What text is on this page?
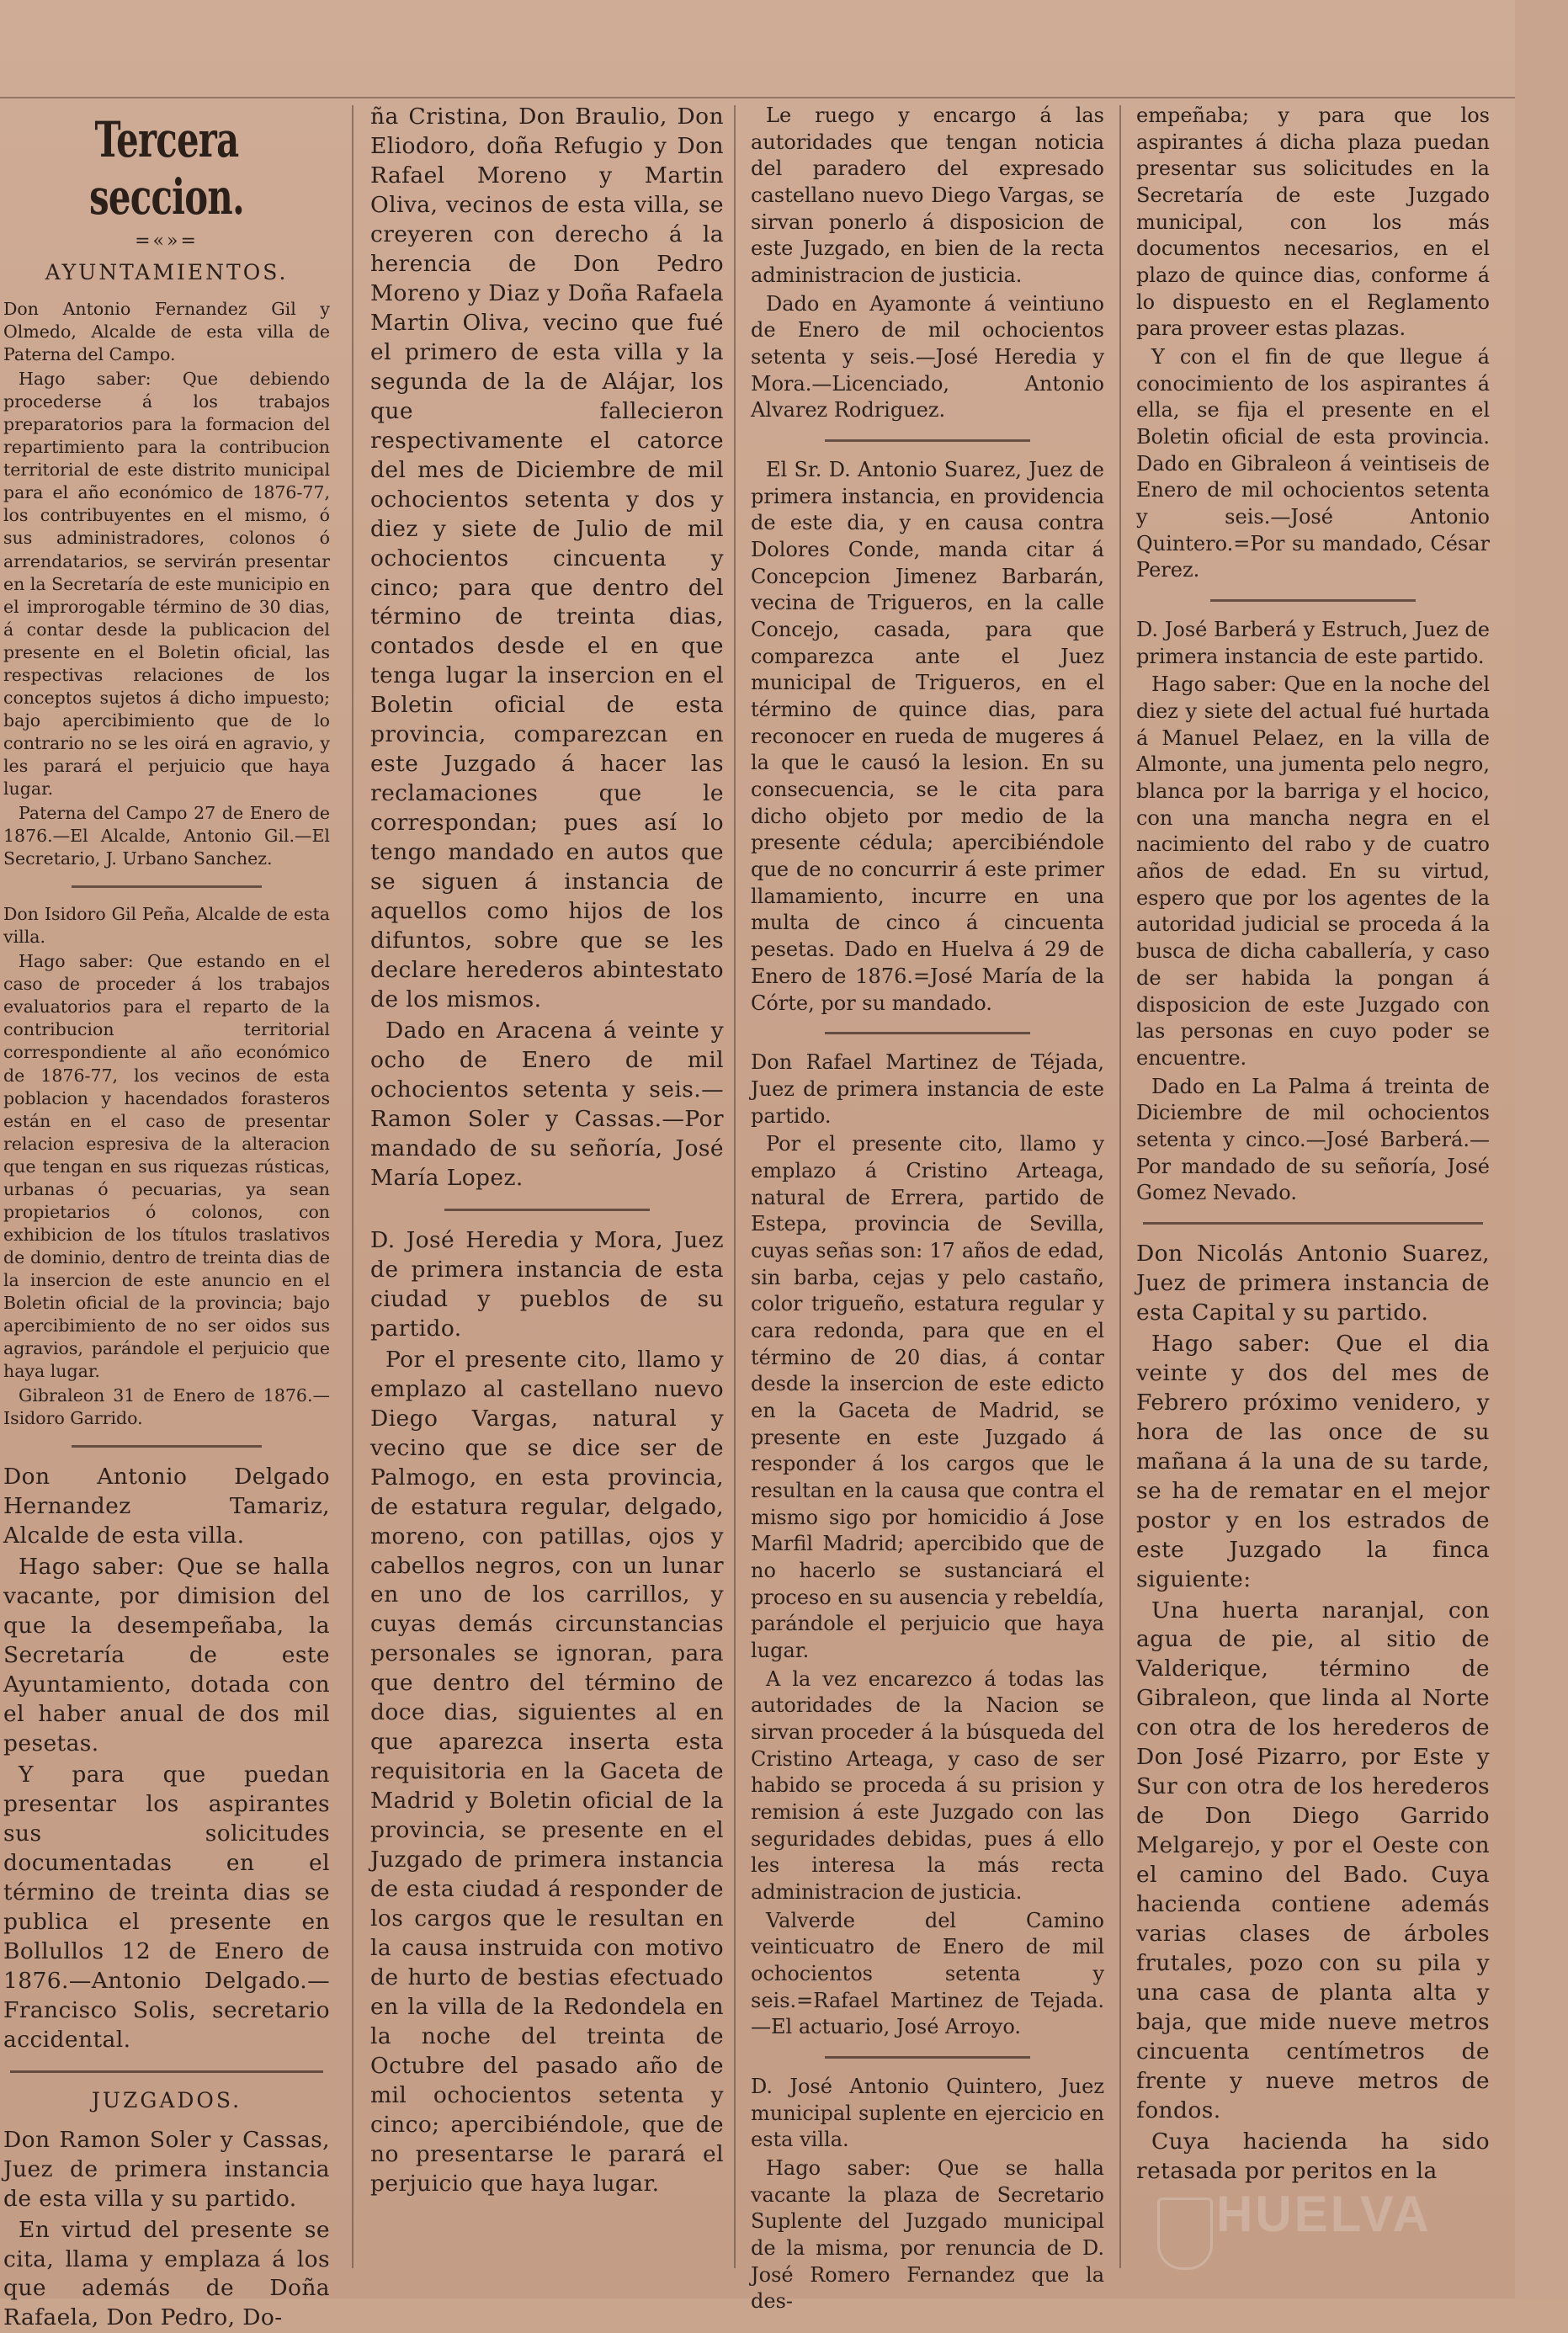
Tercera seccion.
=«»=
AYUNTAMIENTOS.

Don Antonio Fernandez Gil y Olmedo, Alcalde de esta villa de Paterna del Campo.

Hago saber: Que debiendo procederse á los trabajos preparatorios para la formacion del repartimiento para la contribucion territorial de este distrito municipal para el año económico de 1876-77, los contribuyentes en el mismo, ó sus administradores, colonos ó arrendatarios, se servirán presentar en la Secretaría de este municipio en el improrogable término de 30 dias, á contar desde la publicacion del presente en el Boletin oficial, las respectivas relaciones de los conceptos sujetos á dicho impuesto; bajo apercibimiento que de lo contrario no se les oirá en agravio, y les parará el perjuicio que haya lugar.

Paterna del Campo 27 de Enero de 1876.—El Alcalde, Antonio Gil.—El Secretario, J. Urbano Sanchez.

Don Isidoro Gil Peña, Alcalde de esta villa.

Hago saber: Que estando en el caso de proceder á los trabajos evaluatorios para el reparto de la contribucion territorial correspondiente al año económico de 1876-77, los vecinos de esta poblacion y hacendados forasteros están en el caso de presentar relacion espresiva de la alteracion que tengan en sus riquezas rústicas, urbanas ó pecuarias, ya sean propietarios ó colonos, con exhibicion de los títulos traslativos de dominio, dentro de treinta dias de la insercion de este anuncio en el Boletin oficial de la provincia; bajo apercibimiento de no ser oidos sus agravios, parándole el perjuicio que haya lugar.

Gibraleon 31 de Enero de 1876.—Isidoro Garrido.

Don Antonio Delgado Hernandez Tamariz, Alcalde de esta villa.

Hago saber: Que se halla vacante, por dimision del que la desempeñaba, la Secretaría de este Ayuntamiento, dotada con el haber anual de dos mil pesetas.

Y para que puedan presentar los aspirantes sus solicitudes documentadas en el término de treinta dias se publica el presente en Bollullos 12 de Enero de 1876.—Antonio Delgado.—Francisco Solis, secretario accidental.

JUZGADOS.

Don Ramon Soler y Cassas, Juez de primera instancia de esta villa y su partido.

En virtud del presente se cita, llama y emplaza á los que además de Doña Rafaela, Don Pedro, Do-

ña Cristina, Don Braulio, Don Eliodoro, doña Refugio y Don Rafael Moreno y Martin Oliva, vecinos de esta villa, se creyeren con derecho á la herencia de Don Pedro Moreno y Diaz y Doña Rafaela Martin Oliva, vecino que fué el primero de esta villa y la segunda de la de Alájar, los que fallecieron respectivamente el catorce del mes de Diciembre de mil ochocientos setenta y dos y diez y siete de Julio de mil ochocientos cincuenta y cinco; para que dentro del término de treinta dias, contados desde el en que tenga lugar la insercion en el Boletin oficial de esta provincia, comparezcan en este Juzgado á hacer las reclamaciones que le correspondan; pues así lo tengo mandado en autos que se siguen á instancia de aquellos como hijos de los difuntos, sobre que se les declare herederos abintestato de los mismos.

Dado en Aracena á veinte y ocho de Enero de mil ochocientos setenta y seis.—Ramon Soler y Cassas.—Por mandado de su señoría, José María Lopez.

D. José Heredia y Mora, Juez de primera instancia de esta ciudad y pueblos de su partido.

Por el presente cito, llamo y emplazo al castellano nuevo Diego Vargas, natural y vecino que se dice ser de Palmogo, en esta provincia, de estatura regular, delgado, moreno, con patillas, ojos y cabellos negros, con un lunar en uno de los carrillos, y cuyas demás circunstancias personales se ignoran, para que dentro del término de doce dias, siguientes al en que aparezca inserta esta requisitoria en la Gaceta de Madrid y Boletin oficial de la provincia, se presente en el Juzgado de primera instancia de esta ciudad á responder de los cargos que le resultan en la causa instruida con motivo de hurto de bestias efectuado en la villa de la Redondela en la noche del treinta de Octubre del pasado año de mil ochocientos setenta y cinco; apercibiéndole, que de no presentarse le parará el perjuicio que haya lugar.

Le ruego y encargo á las autoridades que tengan noticia del paradero del expresado castellano nuevo Diego Vargas, se sirvan ponerlo á disposicion de este Juzgado, en bien de la recta administracion de justicia.

Dado en Ayamonte á veintiuno de Enero de mil ochocientos setenta y seis.—José Heredia y Mora.—Licenciado, Antonio Alvarez Rodriguez.

El Sr. D. Antonio Suarez, Juez de primera instancia, en providencia de este dia, y en causa contra Dolores Conde, manda citar á Concepcion Jimenez Barbarán, vecina de Trigueros, en la calle Concejo, casada, para que comparezca ante el Juez municipal de Trigueros, en el término de quince dias, para reconocer en rueda de mugeres á la que le causó la lesion. En su consecuencia, se le cita para dicho objeto por medio de la presente cédula; apercibiéndole que de no concurrir á este primer llamamiento, incurre en una multa de cinco á cincuenta pesetas. Dado en Huelva á 29 de Enero de 1876.=José María de la Córte, por su mandado.

Don Rafael Martinez de Téjada, Juez de primera instancia de este partido.

Por el presente cito, llamo y emplazo á Cristino Arteaga, natural de Errera, partido de Estepa, provincia de Sevilla, cuyas señas son: 17 años de edad, sin barba, cejas y pelo castaño, color trigueño, estatura regular y cara redonda, para que en el término de 20 dias, á contar desde la insercion de este edicto en la Gaceta de Madrid, se presente en este Juzgado á responder á los cargos que le resultan en la causa que contra el mismo sigo por homicidio á Jose Marfil Madrid; apercibido que de no hacerlo se sustanciará el proceso en su ausencia y rebeldía, parándole el perjuicio que haya lugar.

A la vez encarezco á todas las autoridades de la Nacion se sirvan proceder á la búsqueda del Cristino Arteaga, y caso de ser habido se proceda á su prision y remision á este Juzgado con las seguridades debidas, pues á ello les interesa la más recta administracion de justicia.

Valverde del Camino veinticuatro de Enero de mil ochocientos setenta y seis.=Rafael Martinez de Tejada.—El actuario, José Arroyo.

D. José Antonio Quintero, Juez municipal suplente en ejercicio en esta villa.

Hago saber: Que se halla vacante la plaza de Secretario Suplente del Juzgado municipal de la misma, por renuncia de D. José Romero Fernandez que la des-

empeñaba; y para que los aspirantes á dicha plaza puedan presentar sus solicitudes en la Secretaría de este Juzgado municipal, con los más documentos necesarios, en el plazo de quince dias, conforme á lo dispuesto en el Reglamento para proveer estas plazas.

Y con el fin de que llegue á conocimiento de los aspirantes á ella, se fija el presente en el Boletin oficial de esta provincia. Dado en Gibraleon á veintiseis de Enero de mil ochocientos setenta y seis.—José Antonio Quintero.=Por su mandado, César Perez.

D. José Barberá y Estruch, Juez de primera instancia de este partido.

Hago saber: Que en la noche del diez y siete del actual fué hurtada á Manuel Pelaez, en la villa de Almonte, una jumenta pelo negro, blanca por la barriga y el hocico, con una mancha negra en el nacimiento del rabo y de cuatro años de edad. En su virtud, espero que por los agentes de la autoridad judicial se proceda á la busca de dicha caballería, y caso de ser habida la pongan á disposicion de este Juzgado con las personas en cuyo poder se encuentre.

Dado en La Palma á treinta de Diciembre de mil ochocientos setenta y cinco.—José Barberá.—Por mandado de su señoría, José Gomez Nevado.

Don Nicolás Antonio Suarez, Juez de primera instancia de esta Capital y su partido.

Hago saber: Que el dia veinte y dos del mes de Febrero próximo venidero, y hora de las once de su mañana á la una de su tarde, se ha de rematar en el mejor postor y en los estrados de este Juzgado la finca siguiente:

Una huerta naranjal, con agua de pie, al sitio de Valderique, término de Gibraleon, que linda al Norte con otra de los herederos de Don José Pizarro, por Este y Sur con otra de los herederos de Don Diego Garrido Melgarejo, y por el Oeste con el camino del Bado. Cuya hacienda contiene además varias clases de árboles frutales, pozo con su pila y una casa de planta alta y baja, que mide nueve metros cincuenta centímetros de frente y nueve metros de fondos.

Cuya hacienda ha sido retasada por peritos en la

HUELVA
